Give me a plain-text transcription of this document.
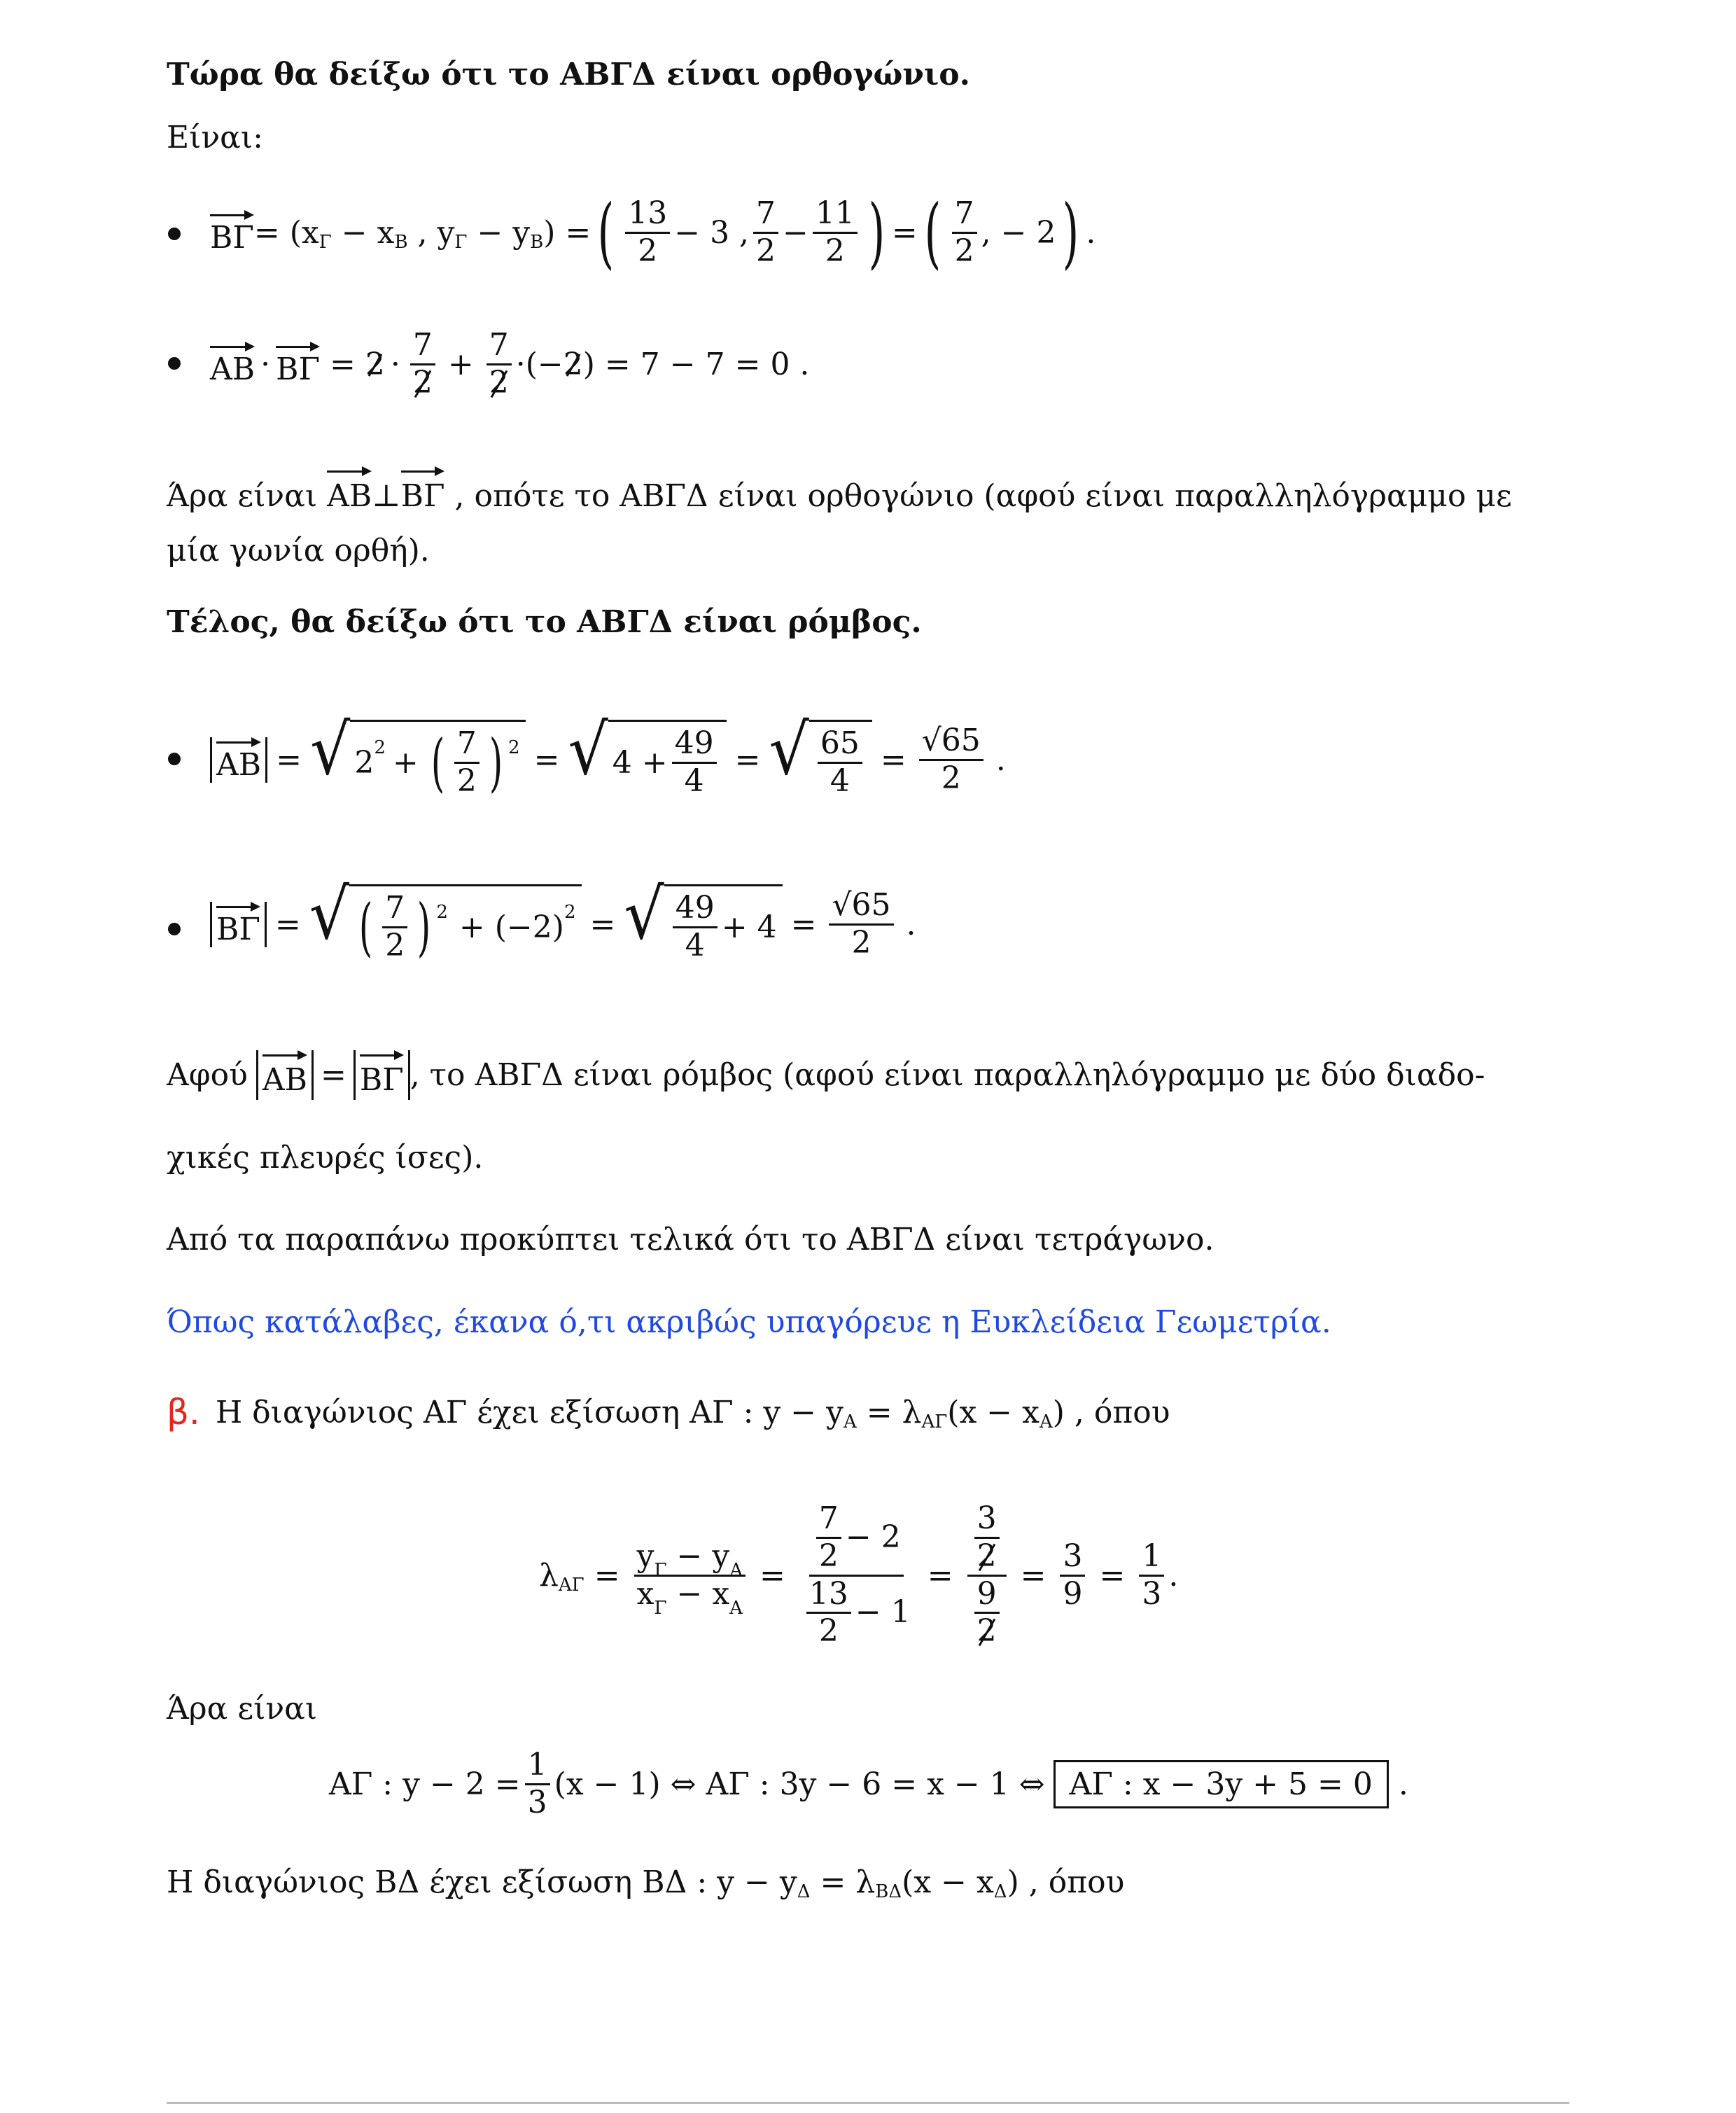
Τώρα θα δείξω ότι το ΑΒΓΔ είναι ορθογώνιο.
Είναι:
ΒΓ = (x Γ − x Β , y Γ − y Β ) = ( $\frac{13}{2} - 3$ , $\frac{7}{2} - \frac{11}{2}$ ) = ( $\frac{7}{2}$ , − 2 ) .
$AB \cdot B\Gamma = 2 \cdot \frac{7}{2} + \frac{7}{2}$ ·(− 2 ) = 7 − 7 = 0 .
Άρα είναι ΑΒ⊥ΒΓ , οπότε το ΑΒΓΔ είναι ορθογώνιο (αφού είναι παραλληλόγραμμο με
μία γωνία ορθή).
Τέλος, θα δείξω ότι το ΑΒΓΔ είναι ρόμβος.
ΑΒ = √ 2 2 + ( $\frac{7}{2}$ ) 2 = √ $4 + \frac{49}{4}$ = √ $\frac{65}{4} = \frac{√65}{2}$ .
ΒΓ = √ ( $\frac{7}{2}$ ) 2 + (−2) 2 = √ $\frac{49}{4} + 4 = \frac{√65}{2}$ .
Αφού ΑΒ = ΒΓ , το ΑΒΓΔ είναι ρόμβος (αφού είναι παραλληλόγραμμο με δύο διαδο-
χικές πλευρές ίσες).
Από τα παραπάνω προκύπτει τελικά ότι το ΑΒΓΔ είναι τετράγωνο.
Όπως κατάλαβες, έκανα ό,τι ακριβώς υπαγόρευε η Ευκλείδεια Γεωμετρία.
β. Η διαγώνιος ΑΓ έχει εξίσωση ΑΓ : y − y Α = λ ΑΓ (x − x Α ) , όπου
λ $A\Gamma = \frac{y_\Gamma - y_A}{x_\Gamma - x_A} = \frac{\frac{7}{2} - 2}{\frac{13}{2} - 1} = \frac{\frac{3}{2}}{\frac{9}{2}} = \frac{3}{9} = \frac{1}{3}$ .
Άρα είναι
ΑΓ : $y - 2 = \frac{1}{3} (x - 1)$ ⇔ ΑΓ : 3y − 6 = x − 1 ⇔ ΑΓ : x − 3y + 5 = 0 .
Η διαγώνιος ΒΔ έχει εξίσωση ΒΔ : y − y Δ = λ ΒΔ (x − x Δ ) , όπου
